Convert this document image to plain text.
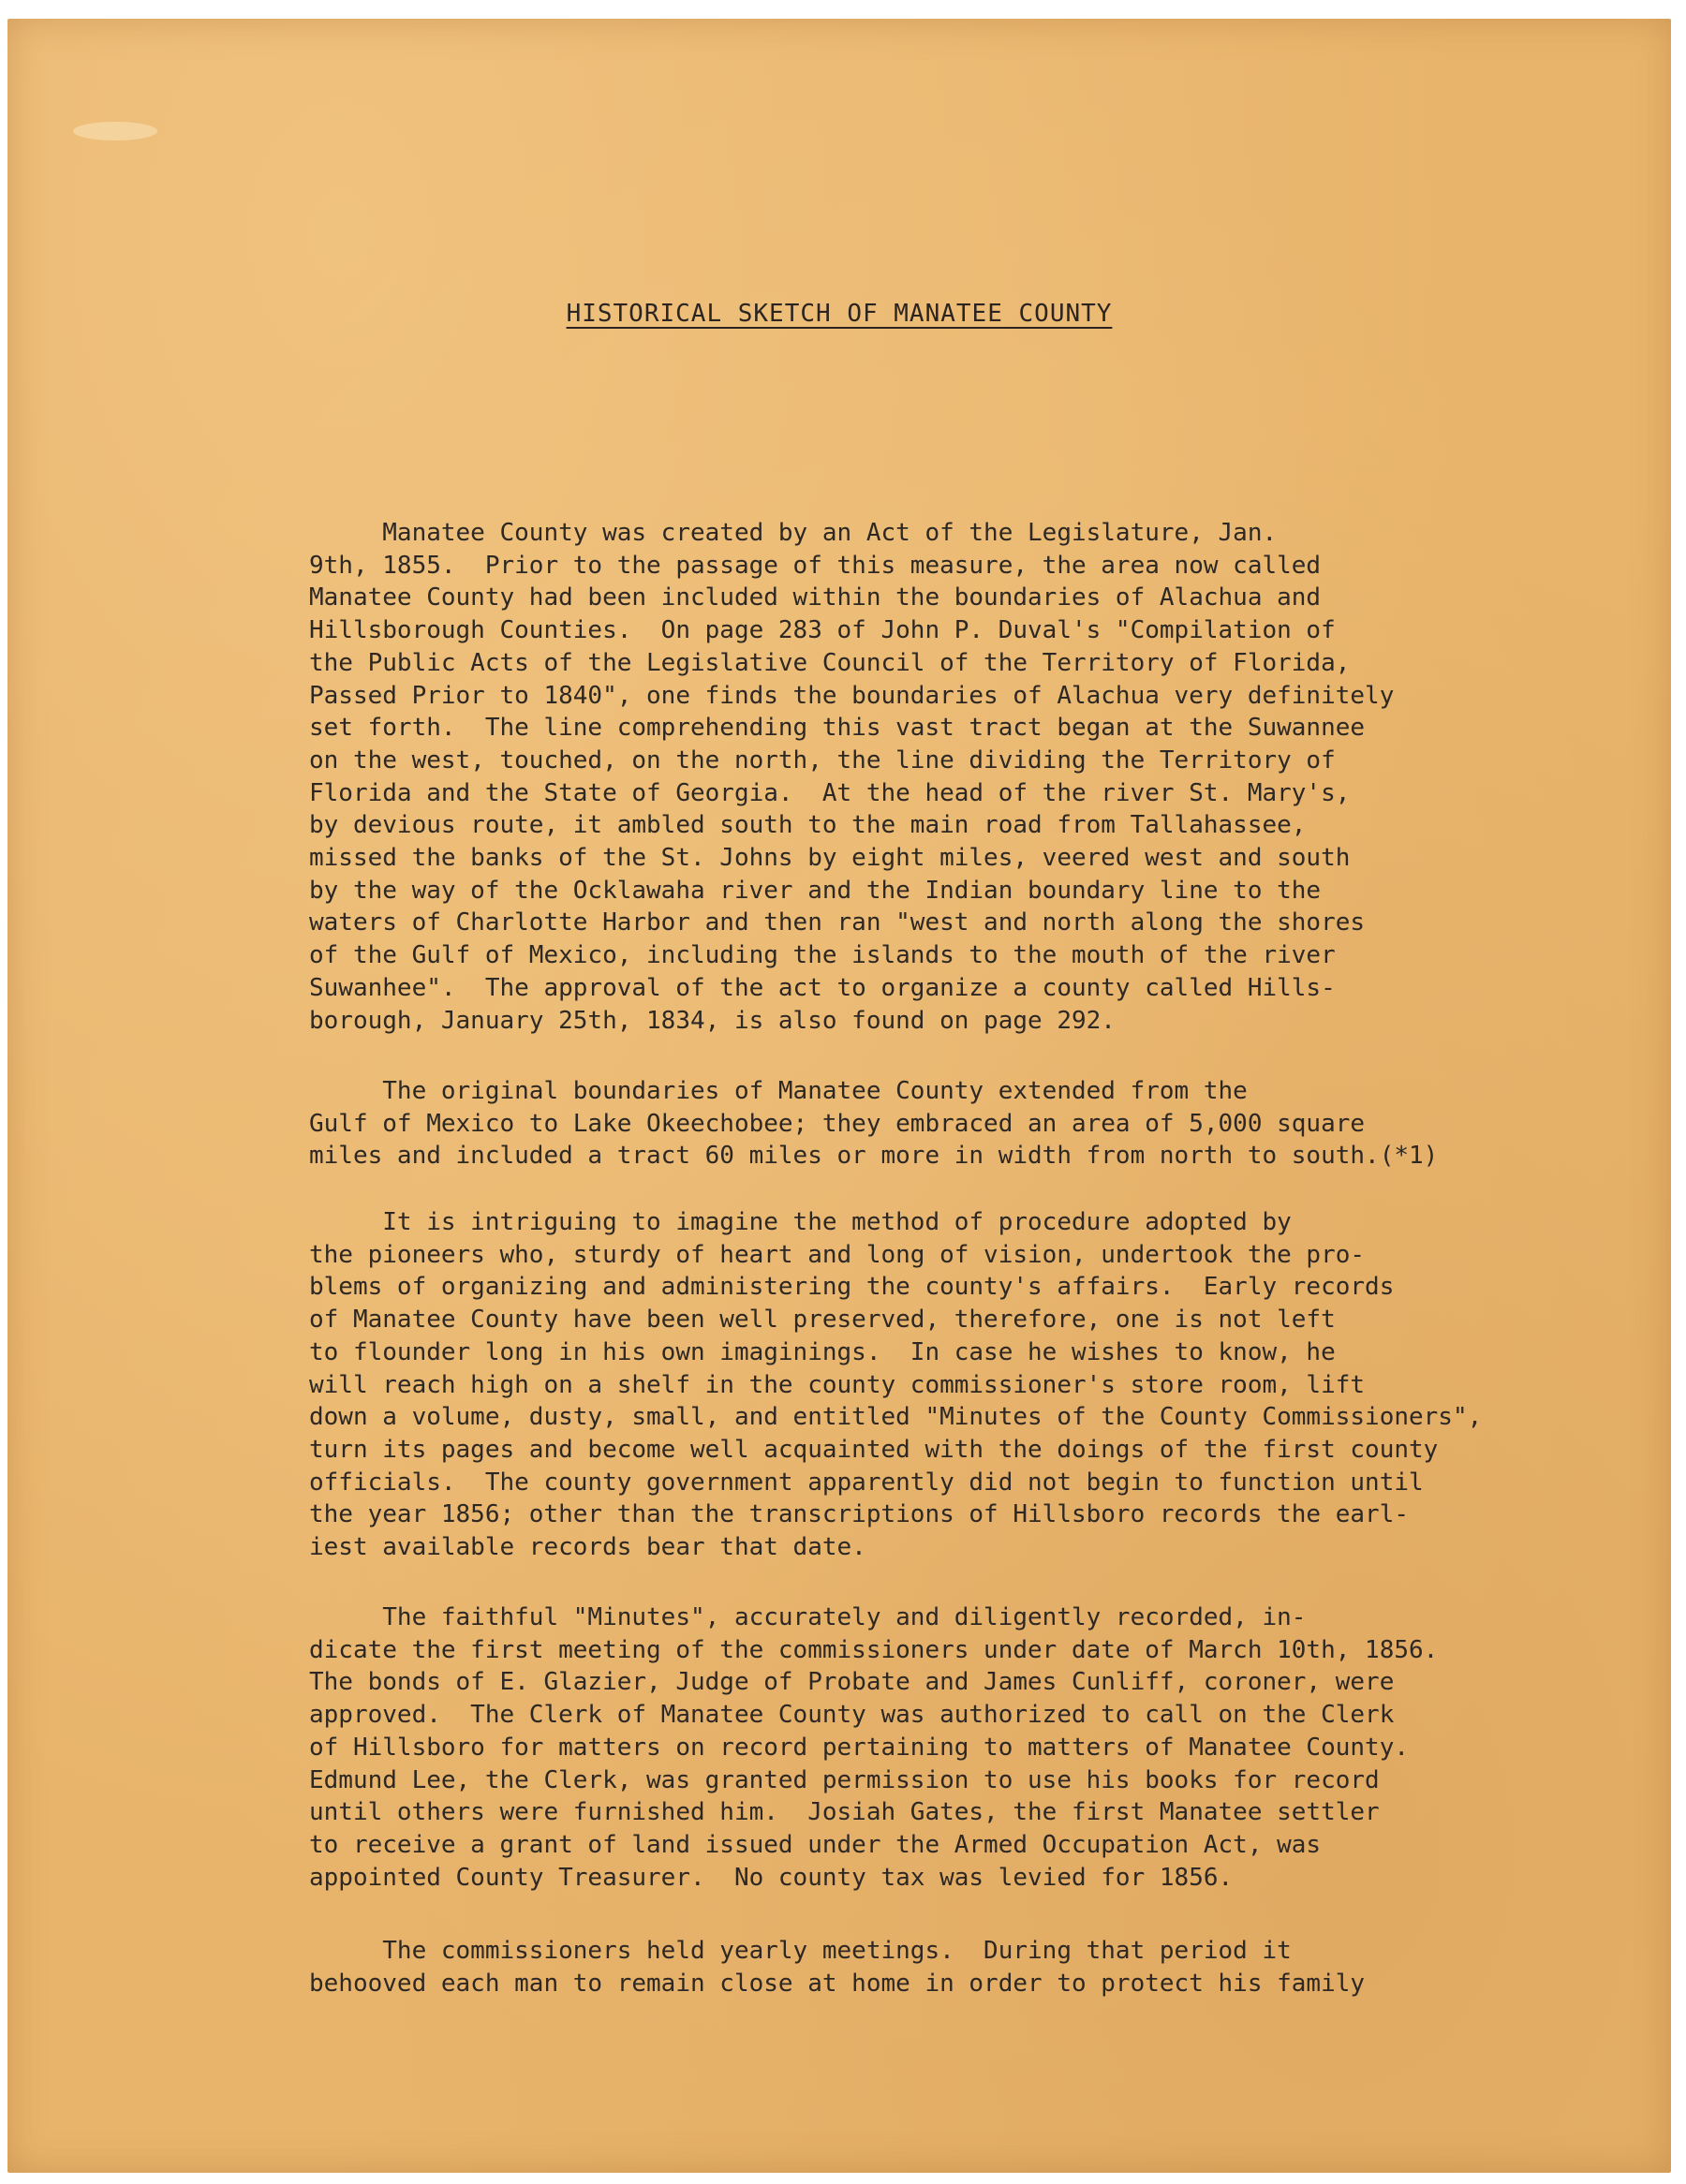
HISTORICAL SKETCH OF MANATEE COUNTY
Manatee County was created by an Act of the Legislature, Jan.
9th, 1855.  Prior to the passage of this measure, the area now called
Manatee County had been included within the boundaries of Alachua and
Hillsborough Counties.  On page 283 of John P. Duval's "Compilation of
the Public Acts of the Legislative Council of the Territory of Florida,
Passed Prior to 1840", one finds the boundaries of Alachua very definitely
set forth.  The line comprehending this vast tract began at the Suwannee
on the west, touched, on the north, the line dividing the Territory of
Florida and the State of Georgia.  At the head of the river St. Mary's,
by devious route, it ambled south to the main road from Tallahassee,
missed the banks of the St. Johns by eight miles, veered west and south
by the way of the Ocklawaha river and the Indian boundary line to the
waters of Charlotte Harbor and then ran "west and north along the shores
of the Gulf of Mexico, including the islands to the mouth of the river
Suwanhee".  The approval of the act to organize a county called Hills-
borough, January 25th, 1834, is also found on page 292.
The original boundaries of Manatee County extended from the
Gulf of Mexico to Lake Okeechobee; they embraced an area of 5,000 square
miles and included a tract 60 miles or more in width from north to south.(*1)
It is intriguing to imagine the method of procedure adopted by
the pioneers who, sturdy of heart and long of vision, undertook the pro-
blems of organizing and administering the county's affairs.  Early records
of Manatee County have been well preserved, therefore, one is not left
to flounder long in his own imaginings.  In case he wishes to know, he
will reach high on a shelf in the county commissioner's store room, lift
down a volume, dusty, small, and entitled "Minutes of the County Commissioners",
turn its pages and become well acquainted with the doings of the first county
officials.  The county government apparently did not begin to function until
the year 1856; other than the transcriptions of Hillsboro records the earl-
iest available records bear that date.
The faithful "Minutes", accurately and diligently recorded, in-
dicate the first meeting of the commissioners under date of March 10th, 1856.
The bonds of E. Glazier, Judge of Probate and James Cunliff, coroner, were
approved.  The Clerk of Manatee County was authorized to call on the Clerk
of Hillsboro for matters on record pertaining to matters of Manatee County.
Edmund Lee, the Clerk, was granted permission to use his books for record
until others were furnished him.  Josiah Gates, the first Manatee settler
to receive a grant of land issued under the Armed Occupation Act, was
appointed County Treasurer.  No county tax was levied for 1856.
The commissioners held yearly meetings.  During that period it
behooved each man to remain close at home in order to protect his family
